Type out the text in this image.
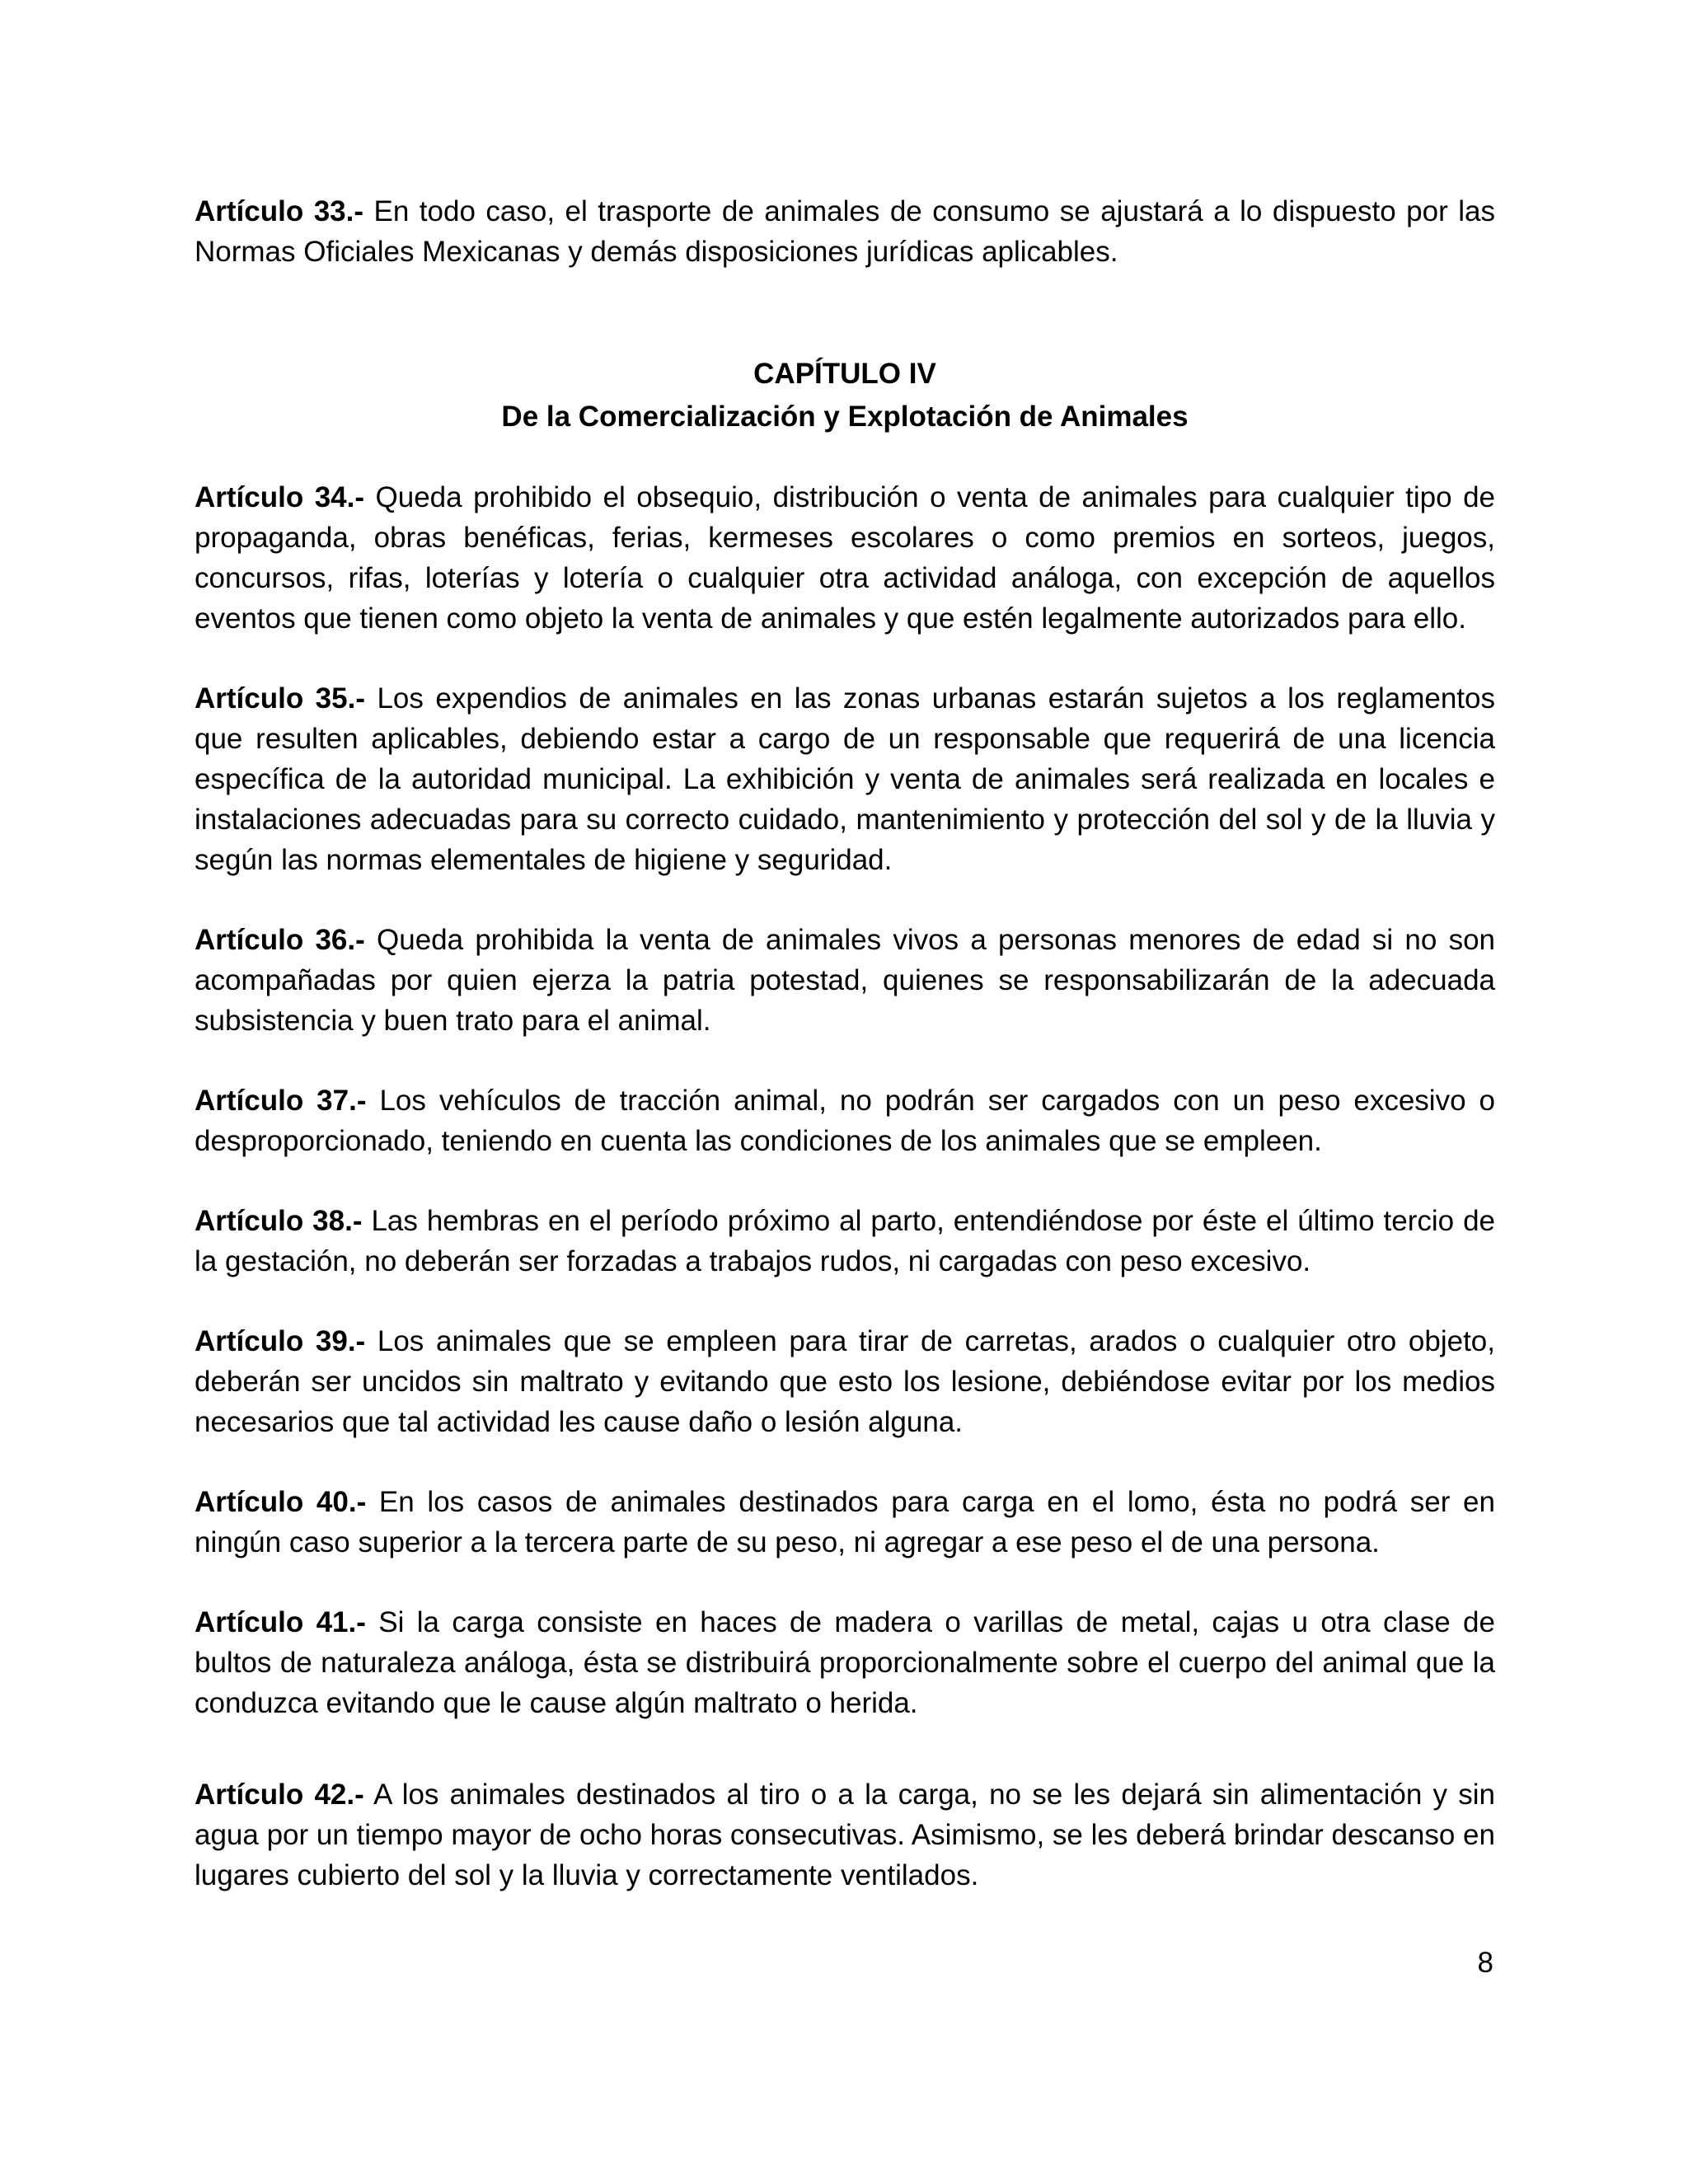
Artículo 33.- En todo caso, el trasporte de animales de consumo se ajustará a lo dispuesto por las Normas Oficiales Mexicanas y demás disposiciones jurídicas aplicables.

CAPÍTULO IV
De la Comercialización y Explotación de Animales

Artículo 34.- Queda prohibido el obsequio, distribución o venta de animales para cualquier tipo de propaganda, obras benéficas, ferias, kermeses escolares o como premios en sorteos, juegos, concursos, rifas, loterías y lotería o cualquier otra actividad análoga, con excepción de aquellos eventos que tienen como objeto la venta de animales y que estén legalmente autorizados para ello.

Artículo 35.- Los expendios de animales en las zonas urbanas estarán sujetos a los reglamentos que resulten aplicables, debiendo estar a cargo de un responsable que requerirá de una licencia específica de la autoridad municipal. La exhibición y venta de animales será realizada en locales e instalaciones adecuadas para su correcto cuidado, mantenimiento y protección del sol y de la lluvia y según las normas elementales de higiene y seguridad.

Artículo 36.- Queda prohibida la venta de animales vivos a personas menores de edad si no son acompañadas por quien ejerza la patria potestad, quienes se responsabilizarán de la adecuada subsistencia y buen trato para el animal.

Artículo 37.- Los vehículos de tracción animal, no podrán ser cargados con un peso excesivo o desproporcionado, teniendo en cuenta las condiciones de los animales que se empleen.

Artículo 38.- Las hembras en el período próximo al parto, entendiéndose por éste el último tercio de la gestación, no deberán ser forzadas a trabajos rudos, ni cargadas con peso excesivo.

Artículo 39.- Los animales que se empleen para tirar de carretas, arados o cualquier otro objeto, deberán ser uncidos sin maltrato y evitando que esto los lesione, debiéndose evitar por los medios necesarios que tal actividad les cause daño o lesión alguna.

Artículo 40.- En los casos de animales destinados para carga en el lomo, ésta no podrá ser en ningún caso superior a la tercera parte de su peso, ni agregar a ese peso el de una persona.

Artículo 41.- Si la carga consiste en haces de madera o varillas de metal, cajas u otra clase de bultos de naturaleza análoga, ésta se distribuirá proporcionalmente sobre el cuerpo del animal que la conduzca evitando que le cause algún maltrato o herida.

Artículo 42.- A los animales destinados al tiro o a la carga, no se les dejará sin alimentación y sin agua por un tiempo mayor de ocho horas consecutivas. Asimismo, se les deberá brindar descanso en lugares cubierto del sol y la lluvia y correctamente ventilados.

8
